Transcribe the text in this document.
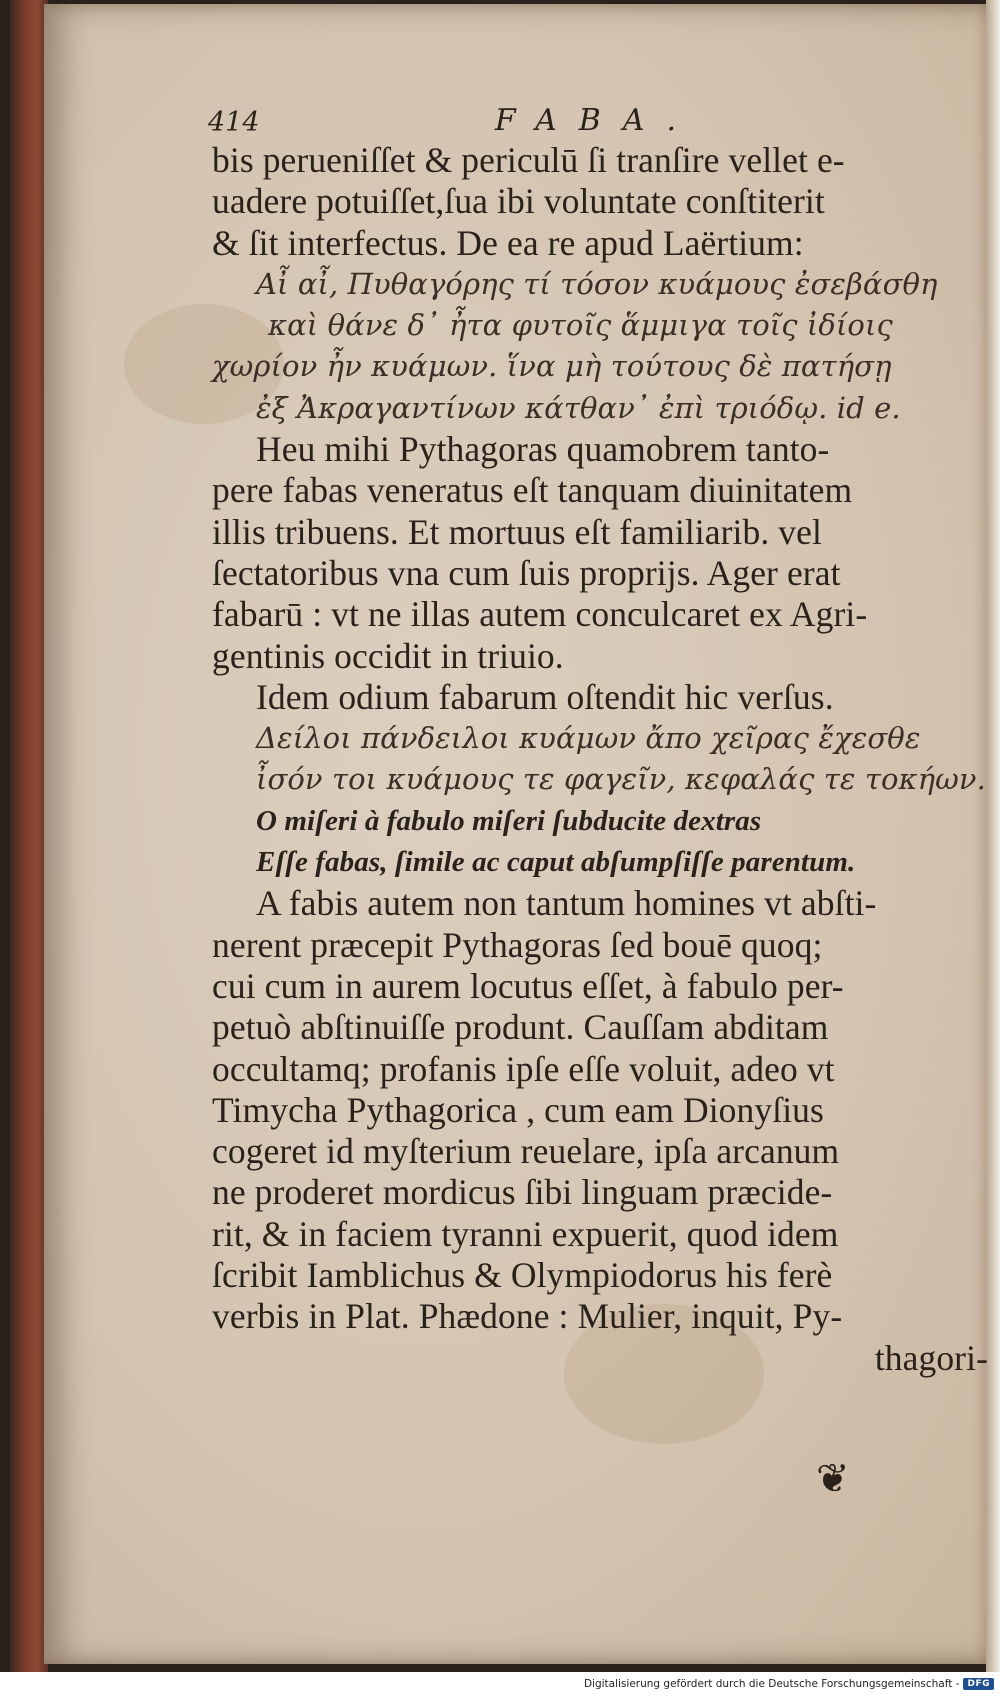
414	FABA.
bis perueniſſet & periculū ſi tranſire vellet e-
uadere potuiſſet,ſua ibi voluntate conſtiterit
& ſit interfectus. De ea re apud Laërtium:
Αἶ αἶ, Πυθαγόρης τί τόσον κυάμους ἐσεβάσθη
καὶ θάνε δ᾽ ἦτα φυτοῖς ἅμμιγα τοῖς ἰδίοις
χωρίον ἦν κυάμων. ἵνα μὴ τούτους δὲ πατήσῃ
ἐξ Ἀκραγαντίνων κάτθαν᾽ ἐπὶ τριόδῳ. id e.
Heu mihi Pythagoras quamobrem tanto-
pere fabas veneratus eſt tanquam diuinitatem
illis tribuens. Et mortuus eſt familiarib. vel
ſectatoribus vna cum ſuis proprijs. Ager erat
fabarū : vt ne illas autem conculcaret ex Agri-
gentinis occidit in triuio.
Idem odium fabarum oſtendit hic verſus.
Δείλοι πάνδειλοι κυάμων ἄπο χεῖρας ἔχεσθε
ἶσόν τοι κυάμους τε φαγεῖν, κεφαλάς τε τοκήων.
O miſeri à fabulo miſeri ſubducite dextras
Eſſe fabas, ſimile ac caput abſumpſiſſe parentum.
A fabis autem non tantum homines vt abſti-
nerent præcepit Pythagoras ſed bouē quoq;
cui cum in aurem locutus eſſet, à fabulo per-
petuò abſtinuiſſe produnt. Cauſſam abditam
occultamq; profanis ipſe eſſe voluit, adeo vt
Timycha Pythagorica , cum eam Dionyſius
cogeret id myſterium reuelare, ipſa arcanum
ne proderet mordicus ſibi linguam præcide-
rit, & in faciem tyranni expuerit, quod idem
ſcribit Iamblichus & Olympiodorus his ferè
verbis in Plat. Phædone : Mulier, inquit, Py-
thagori-
❦
Digitalisierung gefördert durch die Deutsche Forschungsgemeinschaft - DFG
